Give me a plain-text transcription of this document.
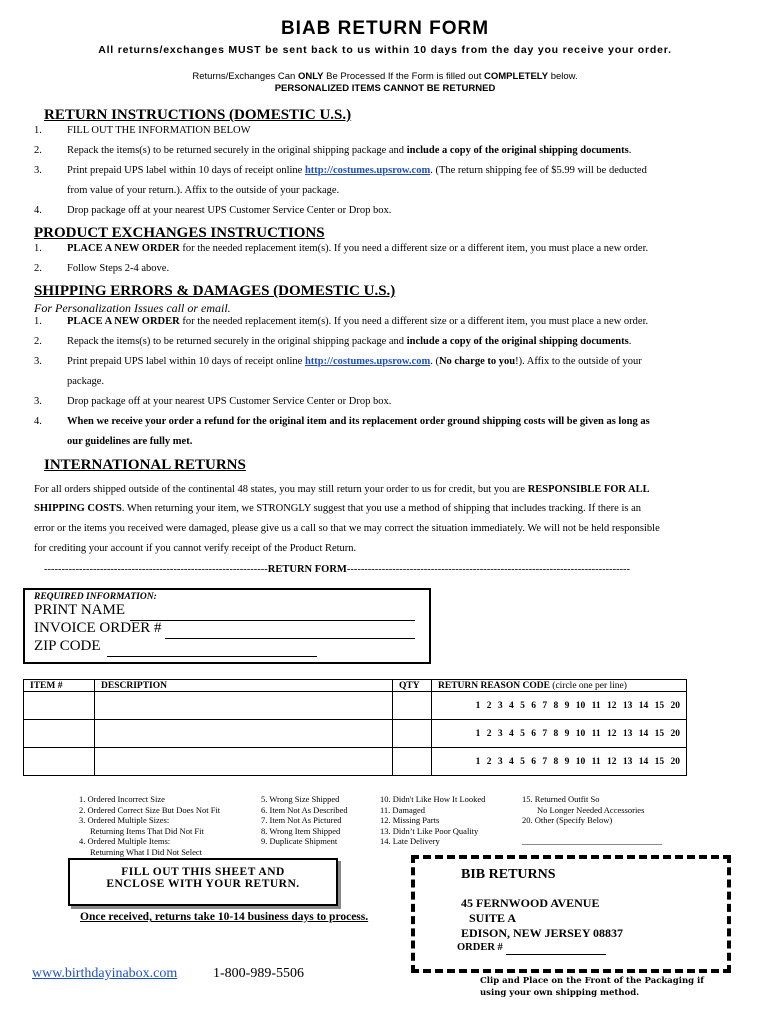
BIAB RETURN FORM
All returns/exchanges MUST be sent back to us within 10 days from the day you receive your order.
Returns/Exchanges Can ONLY Be Processed If the Form is filled out COMPLETELY below.
PERSONALIZED ITEMS CANNOT BE RETURNED
RETURN INSTRUCTIONS (DOMESTIC U.S.)
1. FILL OUT THE INFORMATION BELOW
2. Repack the items(s) to be returned securely in the original shipping package and include a copy of the original shipping documents.
3. Print prepaid UPS label within 10 days of receipt online http://costumes.upsrow.com. (The return shipping fee of $5.99 will be deducted
from value of your return.). Affix to the outside of your package.
4. Drop package off at your nearest UPS Customer Service Center or Drop box.
PRODUCT EXCHANGES INSTRUCTIONS
1. PLACE A NEW ORDER for the needed replacement item(s). If you need a different size or a different item, you must place a new order.
2. Follow Steps 2-4 above.
SHIPPING ERRORS & DAMAGES (DOMESTIC U.S.)
For Personalization Issues call or email.
1. PLACE A NEW ORDER for the needed replacement item(s). If you need a different size or a different item, you must place a new order.
2. Repack the items(s) to be returned securely in the original shipping package and include a copy of the original shipping documents.
3. Print prepaid UPS label within 10 days of receipt online http://costumes.upsrow.com. (No charge to you!). Affix to the outside of your
package.
3. Drop package off at your nearest UPS Customer Service Center or Drop box.
4. When we receive your order a refund for the original item and its replacement order ground shipping costs will be given as long as
our guidelines are fully met.
INTERNATIONAL RETURNS
For all orders shipped outside of the continental 48 states, you may still return your order to us for credit, but you are RESPONSIBLE FOR ALL
SHIPPING COSTS. When returning your item, we STRONGLY suggest that you use a method of shipping that includes tracking. If there is an
error or the items you received were damaged, please give us a call so that we may correct the situation immediately. We will not be held responsible
for crediting your account if you cannot verify receipt of the Product Return.
----------------------------------------------------------------RETURN FORM---------------------------------------------------------------------------------
REQUIRED INFORMATION:
PRINT NAME
INVOICE ORDER #
ZIP CODE
ITEM #	DESCRIPTION	QTY	RETURN REASON CODE (circle one per line)
			1 2 3 4 5 6 7 8 9 10 11 12 13 14 15 20
			1 2 3 4 5 6 7 8 9 10 11 12 13 14 15 20
			1 2 3 4 5 6 7 8 9 10 11 12 13 14 15 20
1. Ordered Incorrect Size
2. Ordered Correct Size But Does Not Fit
3. Ordered Multiple Sizes:
Returning Items That Did Not Fit
4. Ordered Multiple Items:
Returning What I Did Not Select
5. Wrong Size Shipped
6. Item Not As Described
7. Item Not As Pictured
8. Wrong Item Shipped
9. Duplicate Shipment
10. Didn't Like How It Looked
11. Damaged
12. Missing Parts
13. Didn’t Like Poor Quality
14. Late Delivery
15. Returned Outfit So
No Longer Needed Accessories
20. Other (Specify Below)
FILL OUT THIS SHEET AND
ENCLOSE WITH YOUR RETURN.
Once received, returns take 10-14 business days to process.
BIB RETURNS
45 FERNWOOD AVENUE
SUITE A
EDISON, NEW JERSEY 08837
ORDER #
www.birthdayinabox.com	1-800-989-5506	Clip and Place on the Front of the Packaging if
using your own shipping method.
